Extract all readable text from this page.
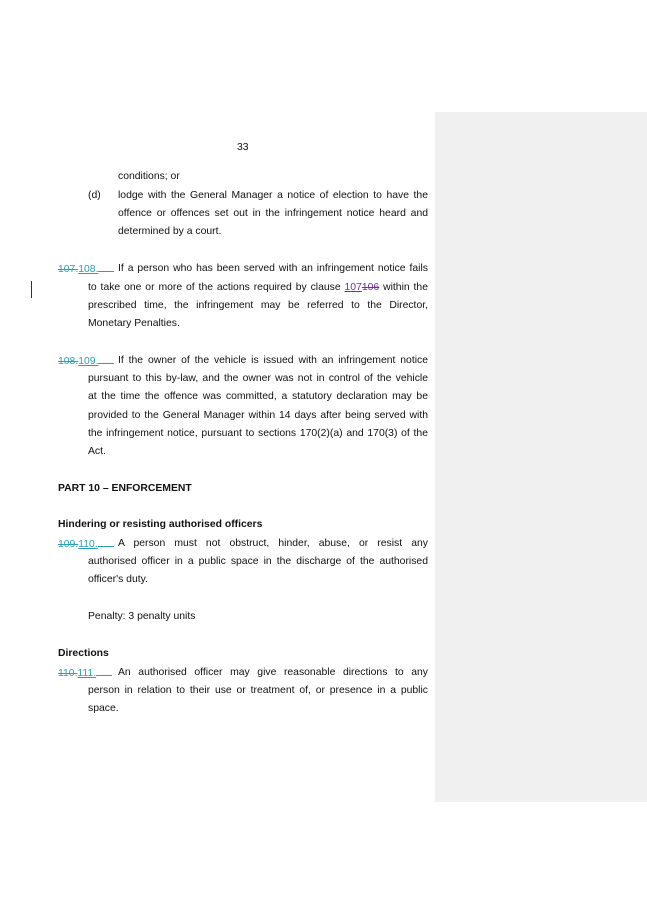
33
conditions; or
(d) lodge with the General Manager a notice of election to have the
offence or offences set out in the infringement notice heard and
determined by a court.
107.108.	If a person who has been served with an infringement notice fails
to take one or more of the actions required by clause 107106 within the
prescribed time, the infringement may be referred to the Director,
Monetary Penalties.
108.109.	If the owner of the vehicle is issued with an infringement notice
pursuant to this by-law, and the owner was not in control of the vehicle
at the time the offence was committed, a statutory declaration may be
provided to the General Manager within 14 days after being served with
the infringement notice, pursuant to sections 170(2)(a) and 170(3) of the
Act.
PART 10 – ENFORCEMENT
Hindering or resisting authorised officers
109.110.	A person must not obstruct, hinder, abuse, or resist any
authorised officer in a public space in the discharge of the authorised
officer's duty.
Penalty: 3 penalty units
Directions
110.111.	An authorised officer may give reasonable directions to any
person in relation to their use or treatment of, or presence in a public
space.
